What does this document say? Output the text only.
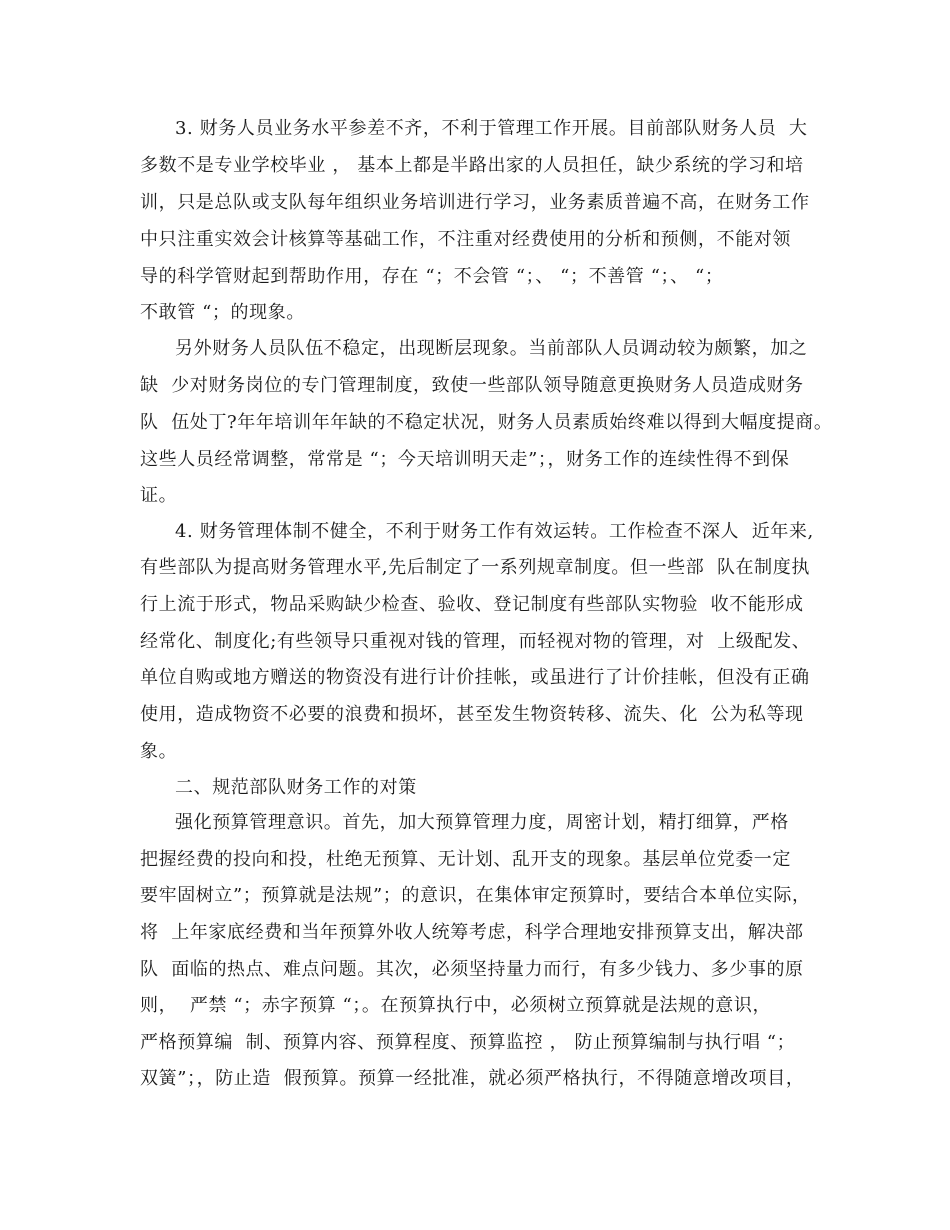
3. 财务人员业务水平参差不齐，不利于管理工作开展。目前部队财务人员  大
多数不是专业学校毕业 ， 基本上都是半路出家的人员担任，缺少系统的学习和培
训，只是总队或支队每年组织业务培训进行学习，业务素质普遍不高，在财务工作
中只注重实效会计核算等基础工作，不注重对经费使用的分析和预侧，不能对领
导的科学管财起到帮助作用，存在 “；不会管 “；、 “；不善管 “；、 “；
不敢管 “；的现象。
另外财务人员队伍不稳定，出现断层现象。当前部队人员调动较为颇繁，加之
缺  少对财务岗位的专门管理制度，致使一些部队领导随意更换财务人员造成财务
队  伍处丁?年年培训年年缺的不稳定状况，财务人员素质始终难以得到大幅度提商。
这些人员经常调整，常常是 “；今天培训明天走”；，财务工作的连续性得不到保
证。
4. 财务管理体制不健全，不利于财务工作有效运转。工作检查不深人  近年来,
有些部队为提高财务管理水平,先后制定了一系列规章制度。但一些部  队在制度执
行上流于形式，物品采购缺少检查、验收、登记制度有些部队实物验  收不能形成
经常化、制度化;有些领导只重视对钱的管理，而轻视对物的管理，对  上级配发、
单位自购或地方赠送的物资没有进行计价挂帐，或虽进行了计价挂帐，但没有正确
使用，造成物资不必要的浪费和损坏，甚至发生物资转移、流失、化  公为私等现
象。
二、规范部队财务工作的对策
强化预算管理意识。首先，加大预算管理力度，周密计划，精打细算，严格
把握经费的投向和投，杜绝无预算、无计划、乱开支的现象。基层单位党委一定
要牢固树立”；预算就是法规”；的意识，在集体审定预算时，要结合本单位实际，
将  上年家底经费和当年预算外收人统筹考虑，科学合理地安排预算支出，解决部
队  面临的热点、难点问题。其次，必须坚持量力而行，有多少钱力、多少事的原
则，  严禁 “；赤字预算 “；。在预算执行中，必须树立预算就是法规的意识，
严格预算编  制、预算内容、预算程度、预算监控 ， 防止预算编制与执行唱 “；
双簧”；，防止造  假预算。预算一经批准，就必须严格执行，不得随意增改项目，
